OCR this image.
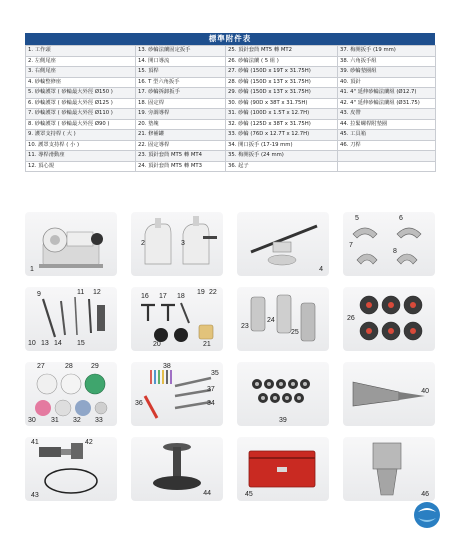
標準附件表
1. 工作頭	13. 砂輪法蘭固定扳手	25. 頂針套筒 MT5 轉 MT2	37. 梅開扳手 (19 mm)
2. 左側尾座	14. 開口導流	26. 砂輪法蘭 ( 5 組 )	38. 六角扳手組
3. 右側尾座	15. 頂桿	27. 砂輪 (150D x 19T x 31.75H)	39. 砂輪墊圈組
4. 砂輪整修座	16. T 型六角扳手	28. 砂輪 (150D x 13T x 31.75H)	40. 頂針
5. 砂輪護罩 ( 砂輪最大外徑 Ø150 )	17. 砂輪拆卸扳手	29. 砂輪 (150D x 13T x 31.75H)	41. 4" 延伸砂輪法蘭組 (Ø12.7)
6. 砂輪護罩 ( 砂輪最大外徑 Ø125 )	18. 固定桿	30. 砂輪 (90D x 38T x 31.75H)	42. 4" 延伸砂輪法蘭組 (Ø31.75)
7. 砂輪護罩 ( 砂輪最大外徑 Ø110 )	19. 旁調導桿	31. 砂輪 (100D x 1.5T x 12.7H)	43. 皮帶
8. 砂輪護罩 ( 砂輪最大外徑 Ø90 )	20. 墊塊	32. 砂輪 (125D x 38T x 31.75H)	44. 拉緊螺桿附墊圈
9. 護罩支持桿 ( 大 )	21. 修補罐	33. 砂輪 (76D x 12.7T x 12.7H)	45. 工具箱
10. 護罩支持桿 ( 小 )	22. 固定導桿	34. 開口扳手 (17-19 mm)	46. 刀桿
11. 導桿滑動座	23. 頂針套筒 MT5 轉 MT4	35. 梅開扳手 (24 mm)	
12. 頂心規	24. 頂針套筒 MT5 轉 MT3	36. 起子	
1
2	3
4
5	6
7
8
9	11 12
10 13 14 15
16 17 18
19 22
20	21
23
24
25
26
27	28	29
30 31 32 33
38
35
37
36	34
39
40
41	42
43	44	45	46
